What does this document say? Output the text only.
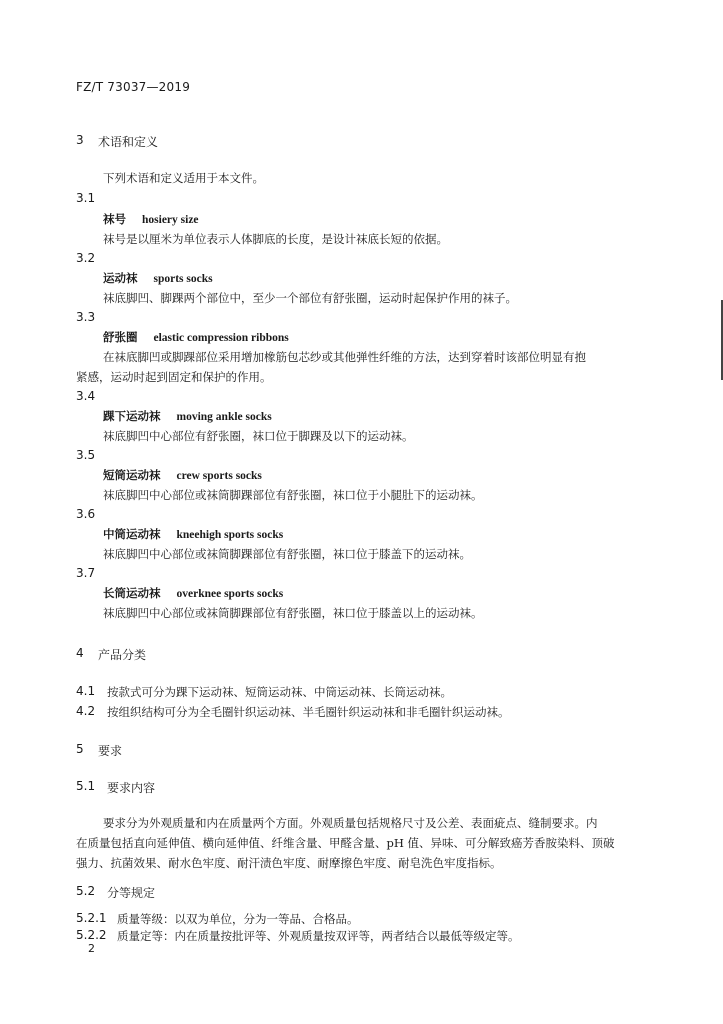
FZ/T 73037—2019
3 术语和定义
下列术语和定义适用于本文件。
3.1
袜号 hosiery size
袜号是以厘米为单位表示人体脚底的长度，是设计袜底长短的依据。
3.2
运动袜 sports socks
袜底脚凹、脚踝两个部位中，至少一个部位有舒张圈，运动时起保护作用的袜子。
3.3
舒张圈 elastic compression ribbons
在袜底脚凹或脚踝部位采用增加橡筋包芯纱或其他弹性纤维的方法，达到穿着时该部位明显有抱
紧感，运动时起到固定和保护的作用。
3.4
踝下运动袜 moving ankle socks
袜底脚凹中心部位有舒张圈，袜口位于脚踝及以下的运动袜。
3.5
短筒运动袜 crew sports socks
袜底脚凹中心部位或袜筒脚踝部位有舒张圈，袜口位于小腿肚下的运动袜。
3.6
中筒运动袜 kneehigh sports socks
袜底脚凹中心部位或袜筒脚踝部位有舒张圈，袜口位于膝盖下的运动袜。
3.7
长筒运动袜 overknee sports socks
袜底脚凹中心部位或袜筒脚踝部位有舒张圈，袜口位于膝盖以上的运动袜。
4 产品分类
4.1 按款式可分为踝下运动袜、短筒运动袜、中筒运动袜、长筒运动袜。
4.2 按组织结构可分为全毛圈针织运动袜、半毛圈针织运动袜和非毛圈针织运动袜。
5 要求
5.1 要求内容
要求分为外观质量和内在质量两个方面。外观质量包括规格尺寸及公差、表面疵点、缝制要求。内
在质量包括直向延伸值、横向延伸值、纤维含量、甲醛含量、pH 值、异味、可分解致癌芳香胺染料、顶破
强力、抗菌效果、耐水色牢度、耐汗渍色牢度、耐摩擦色牢度、耐皂洗色牢度指标。
5.2 分等规定
5.2.1 质量等级：以双为单位，分为一等品、合格品。
5.2.2 质量定等：内在质量按批评等、外观质量按双评等，两者结合以最低等级定等。
2
